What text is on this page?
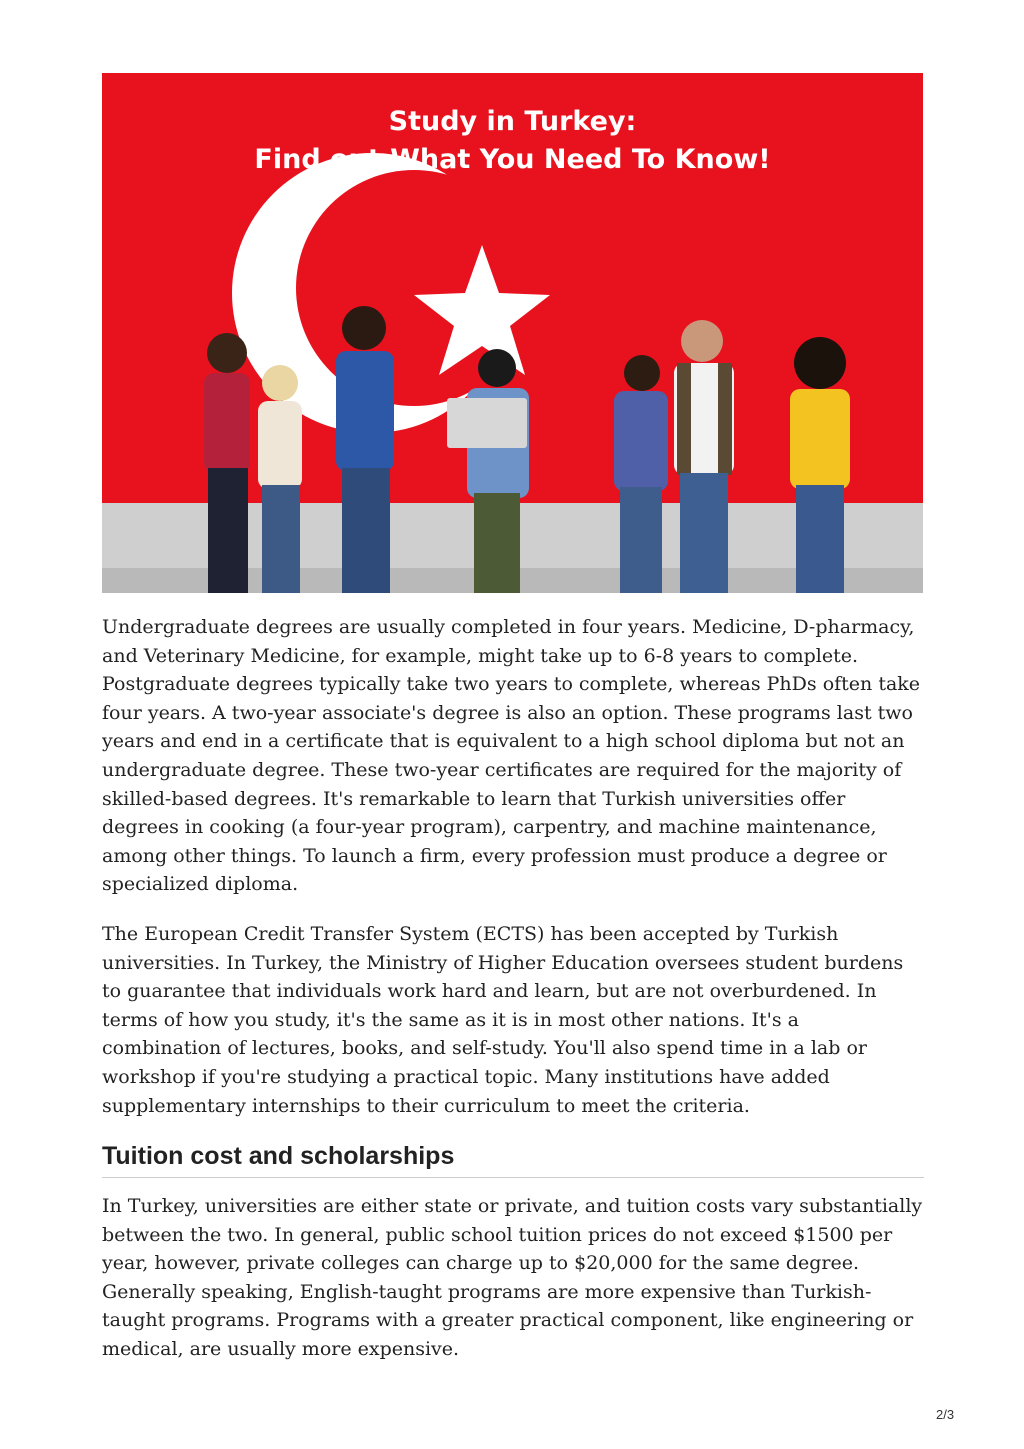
Study in Turkey:
Find out What You Need To Know!

Undergraduate degrees are usually completed in four years. Medicine, D-pharmacy, and Veterinary Medicine, for example, might take up to 6-8 years to complete. Postgraduate degrees typically take two years to complete, whereas PhDs often take four years. A two-year associate's degree is also an option. These programs last two years and end in a certificate that is equivalent to a high school diploma but not an undergraduate degree. These two-year certificates are required for the majority of skilled-based degrees. It's remarkable to learn that Turkish universities offer degrees in cooking (a four-year program), carpentry, and machine maintenance, among other things. To launch a firm, every profession must produce a degree or specialized diploma.

The European Credit Transfer System (ECTS) has been accepted by Turkish universities. In Turkey, the Ministry of Higher Education oversees student burdens to guarantee that individuals work hard and learn, but are not overburdened. In terms of how you study, it's the same as it is in most other nations. It's a combination of lectures, books, and self-study. You'll also spend time in a lab or workshop if you're studying a practical topic. Many institutions have added supplementary internships to their curriculum to meet the criteria.

Tuition cost and scholarships

In Turkey, universities are either state or private, and tuition costs vary substantially between the two. In general, public school tuition prices do not exceed $1500 per year, however, private colleges can charge up to $20,000 for the same degree. Generally speaking, English-taught programs are more expensive than Turkish-taught programs. Programs with a greater practical component, like engineering or medical, are usually more expensive.

2/3
